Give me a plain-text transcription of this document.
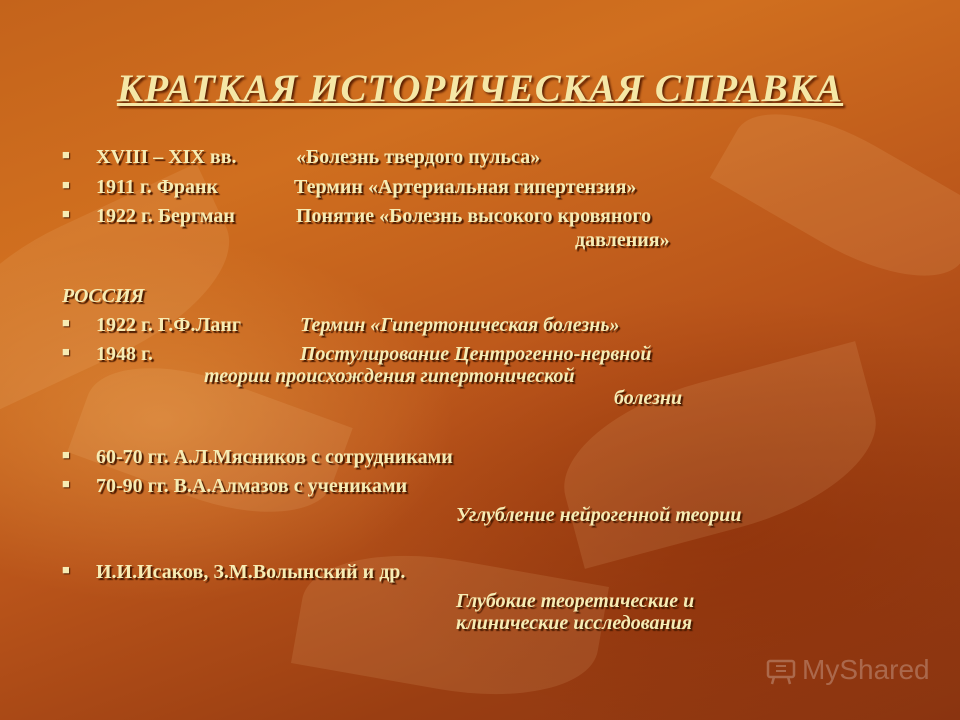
КРАТКАЯ ИСТОРИЧЕСКАЯ СПРАВКА
■ XVIII – XIX вв.	«Болезнь твердого пульса»
■ 1911 г. Франк	Термин «Артериальная гипертензия»
■ 1922 г. Бергман	Понятие «Болезнь высокого кровяного
давления»
РОССИЯ
■ 1922 г. Г.Ф.Ланг	Термин «Гипертоническая болезнь»
■ 1948 г.	Постулирование Центрогенно-нервной
теории происхождения гипертонической
болезни
■ 60-70 гг. А.Л.Мясников с сотрудниками
■ 70-90 гг. В.А.Алмазов с учениками
Углубление нейрогенной теории
■ И.И.Исаков, З.М.Волынский и др.
Глубокие теоретические и
клинические исследования
MyShared
